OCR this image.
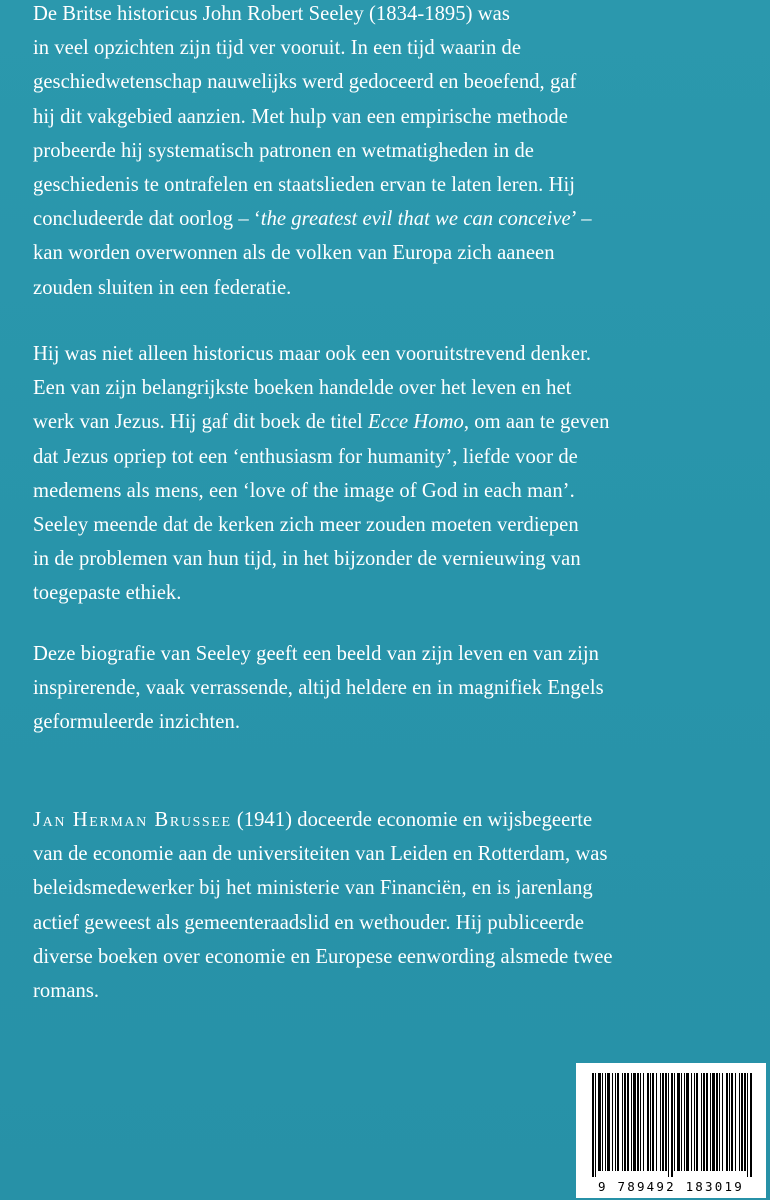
De Britse historicus John Robert Seeley (1834-1895) was
in veel opzichten zijn tijd ver vooruit. In een tijd waarin de
geschiedwetenschap nauwelijks werd gedoceerd en beoefend, gaf
hij dit vakgebied aanzien. Met hulp van een empirische methode
probeerde hij systematisch patronen en wetmatigheden in de
geschiedenis te ontrafelen en staatslieden ervan te laten leren. Hij
concludeerde dat oorlog – ‘the greatest evil that we can conceive’ –
kan worden overwonnen als de volken van Europa zich aaneen
zouden sluiten in een federatie.
Hij was niet alleen historicus maar ook een vooruitstrevend denker.
Een van zijn belangrijkste boeken handelde over het leven en het
werk van Jezus. Hij gaf dit boek de titel Ecce Homo, om aan te geven
dat Jezus opriep tot een ‘enthusiasm for humanity’, liefde voor de
medemens als mens, een ‘love of the image of God in each man’.
Seeley meende dat de kerken zich meer zouden moeten verdiepen
in de problemen van hun tijd, in het bijzonder de vernieuwing van
toegepaste ethiek.
Deze biografie van Seeley geeft een beeld van zijn leven en van zijn
inspirerende, vaak verrassende, altijd heldere en in magnifiek Engels
geformuleerde inzichten.
Jan Herman Brussee (1941) doceerde economie en wijsbegeerte
van de economie aan de universiteiten van Leiden en Rotterdam, was
beleidsmedewerker bij het ministerie van Financiën, en is jarenlang
actief geweest als gemeenteraadslid en wethouder. Hij publiceerde
diverse boeken over economie en Europese eenwording alsmede twee
romans.
9 789492 183019
